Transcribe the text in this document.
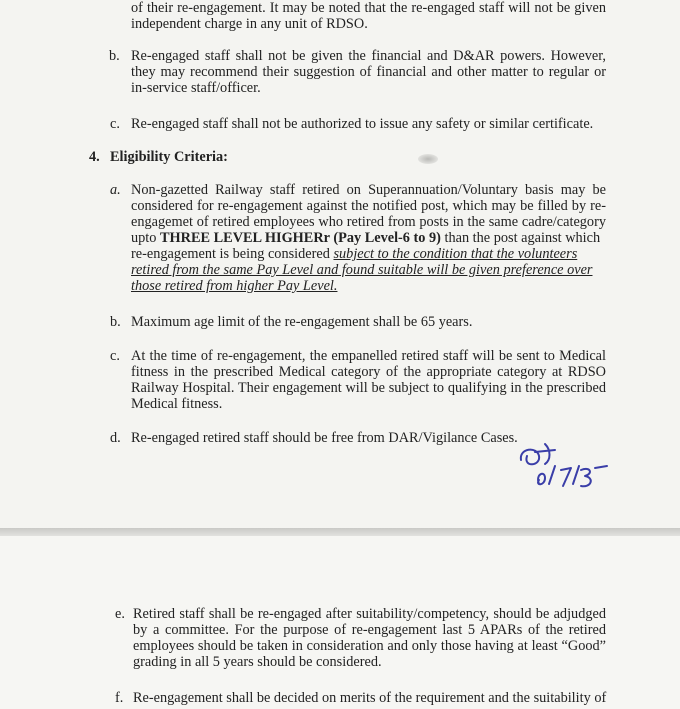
of their re-engagement. It may be noted that the re-engaged staff will not be given
independent charge in any unit of RDSO.
b. Re-engaged staff shall not be given the financial and D&AR powers. However,
they may recommend their suggestion of financial and other matter to regular or
in-service staff/officer.
c. Re-engaged staff shall not be authorized to issue any safety or similar certificate.
4. Eligibility Criteria:
a. Non-gazetted Railway staff retired on Superannuation/Voluntary basis may be
considered for re-engagement against the notified post, which may be filled by re-
engagemet of retired employees who retired from posts in the same cadre/category
upto THREE LEVEL HIGHERr (Pay Level-6 to 9) than the post against which
re-engagement is being considered subject to the condition that the volunteers
retired from the same Pay Level and found suitable will be given preference over
those retired from higher Pay Level.
b. Maximum age limit of the re-engagement shall be 65 years.
c. At the time of re-engagement, the empanelled retired staff will be sent to Medical
fitness in the prescribed Medical category of the appropriate category at RDSO
Railway Hospital. Their engagement will be subject to qualifying in the prescribed
Medical fitness.
d. Re-engaged retired staff should be free from DAR/Vigilance Cases.
e. Retired staff shall be re-engaged after suitability/competency, should be adjudged
by a committee. For the purpose of re-engagement last 5 APARs of the retired
employees should be taken in consideration and only those having at least “Good”
grading in all 5 years should be considered.
f. Re-engagement shall be decided on merits of the requirement and the suitability of
